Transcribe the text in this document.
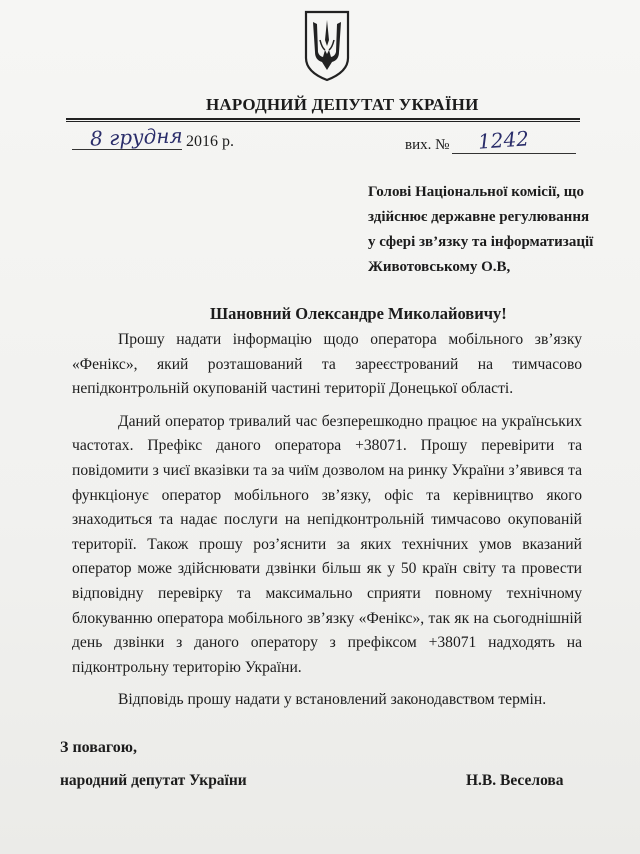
НАРОДНИЙ ДЕПУТАТ УКРАЇНИ
8 грудня 2016 р.	вих. № 1242
Голові Національної комісії, що
здійснює державне регулювання
у сфері зв’язку та інформатизації
Животовському О.В,
Шановний Олександре Миколайовичу!

Прошу надати інформацію щодо оператора мобільного зв’язку «Фенікс», який розташований та зареєстрований на тимчасово непідконтрольній окупованій частині території Донецької області.

Даний оператор тривалий час безперешкодно працює на українських частотах. Префікс даного оператора +38071. Прошу перевірити та повідомити з чиєї вказівки та за чиїм дозволом на ринку України з’явився та функціонує оператор мобільного зв’язку, офіс та керівництво якого знаходиться та надає послуги на непідконтрольній тимчасово окупованій території. Також прошу роз’яснити за яких технічних умов вказаний оператор може здійснювати дзвінки більш як у 50 країн світу та провести відповідну перевірку та максимально сприяти повному технічному блокуванню оператора мобільного зв’язку «Фенікс», так як на сьогоднішній день дзвінки з даного оператору з префіксом +38071 надходять на підконтрольну територію України.

Відповідь прошу надати у встановлений законодавством термін.

З повагою,
народний депутат України	Н.В. Веселова
